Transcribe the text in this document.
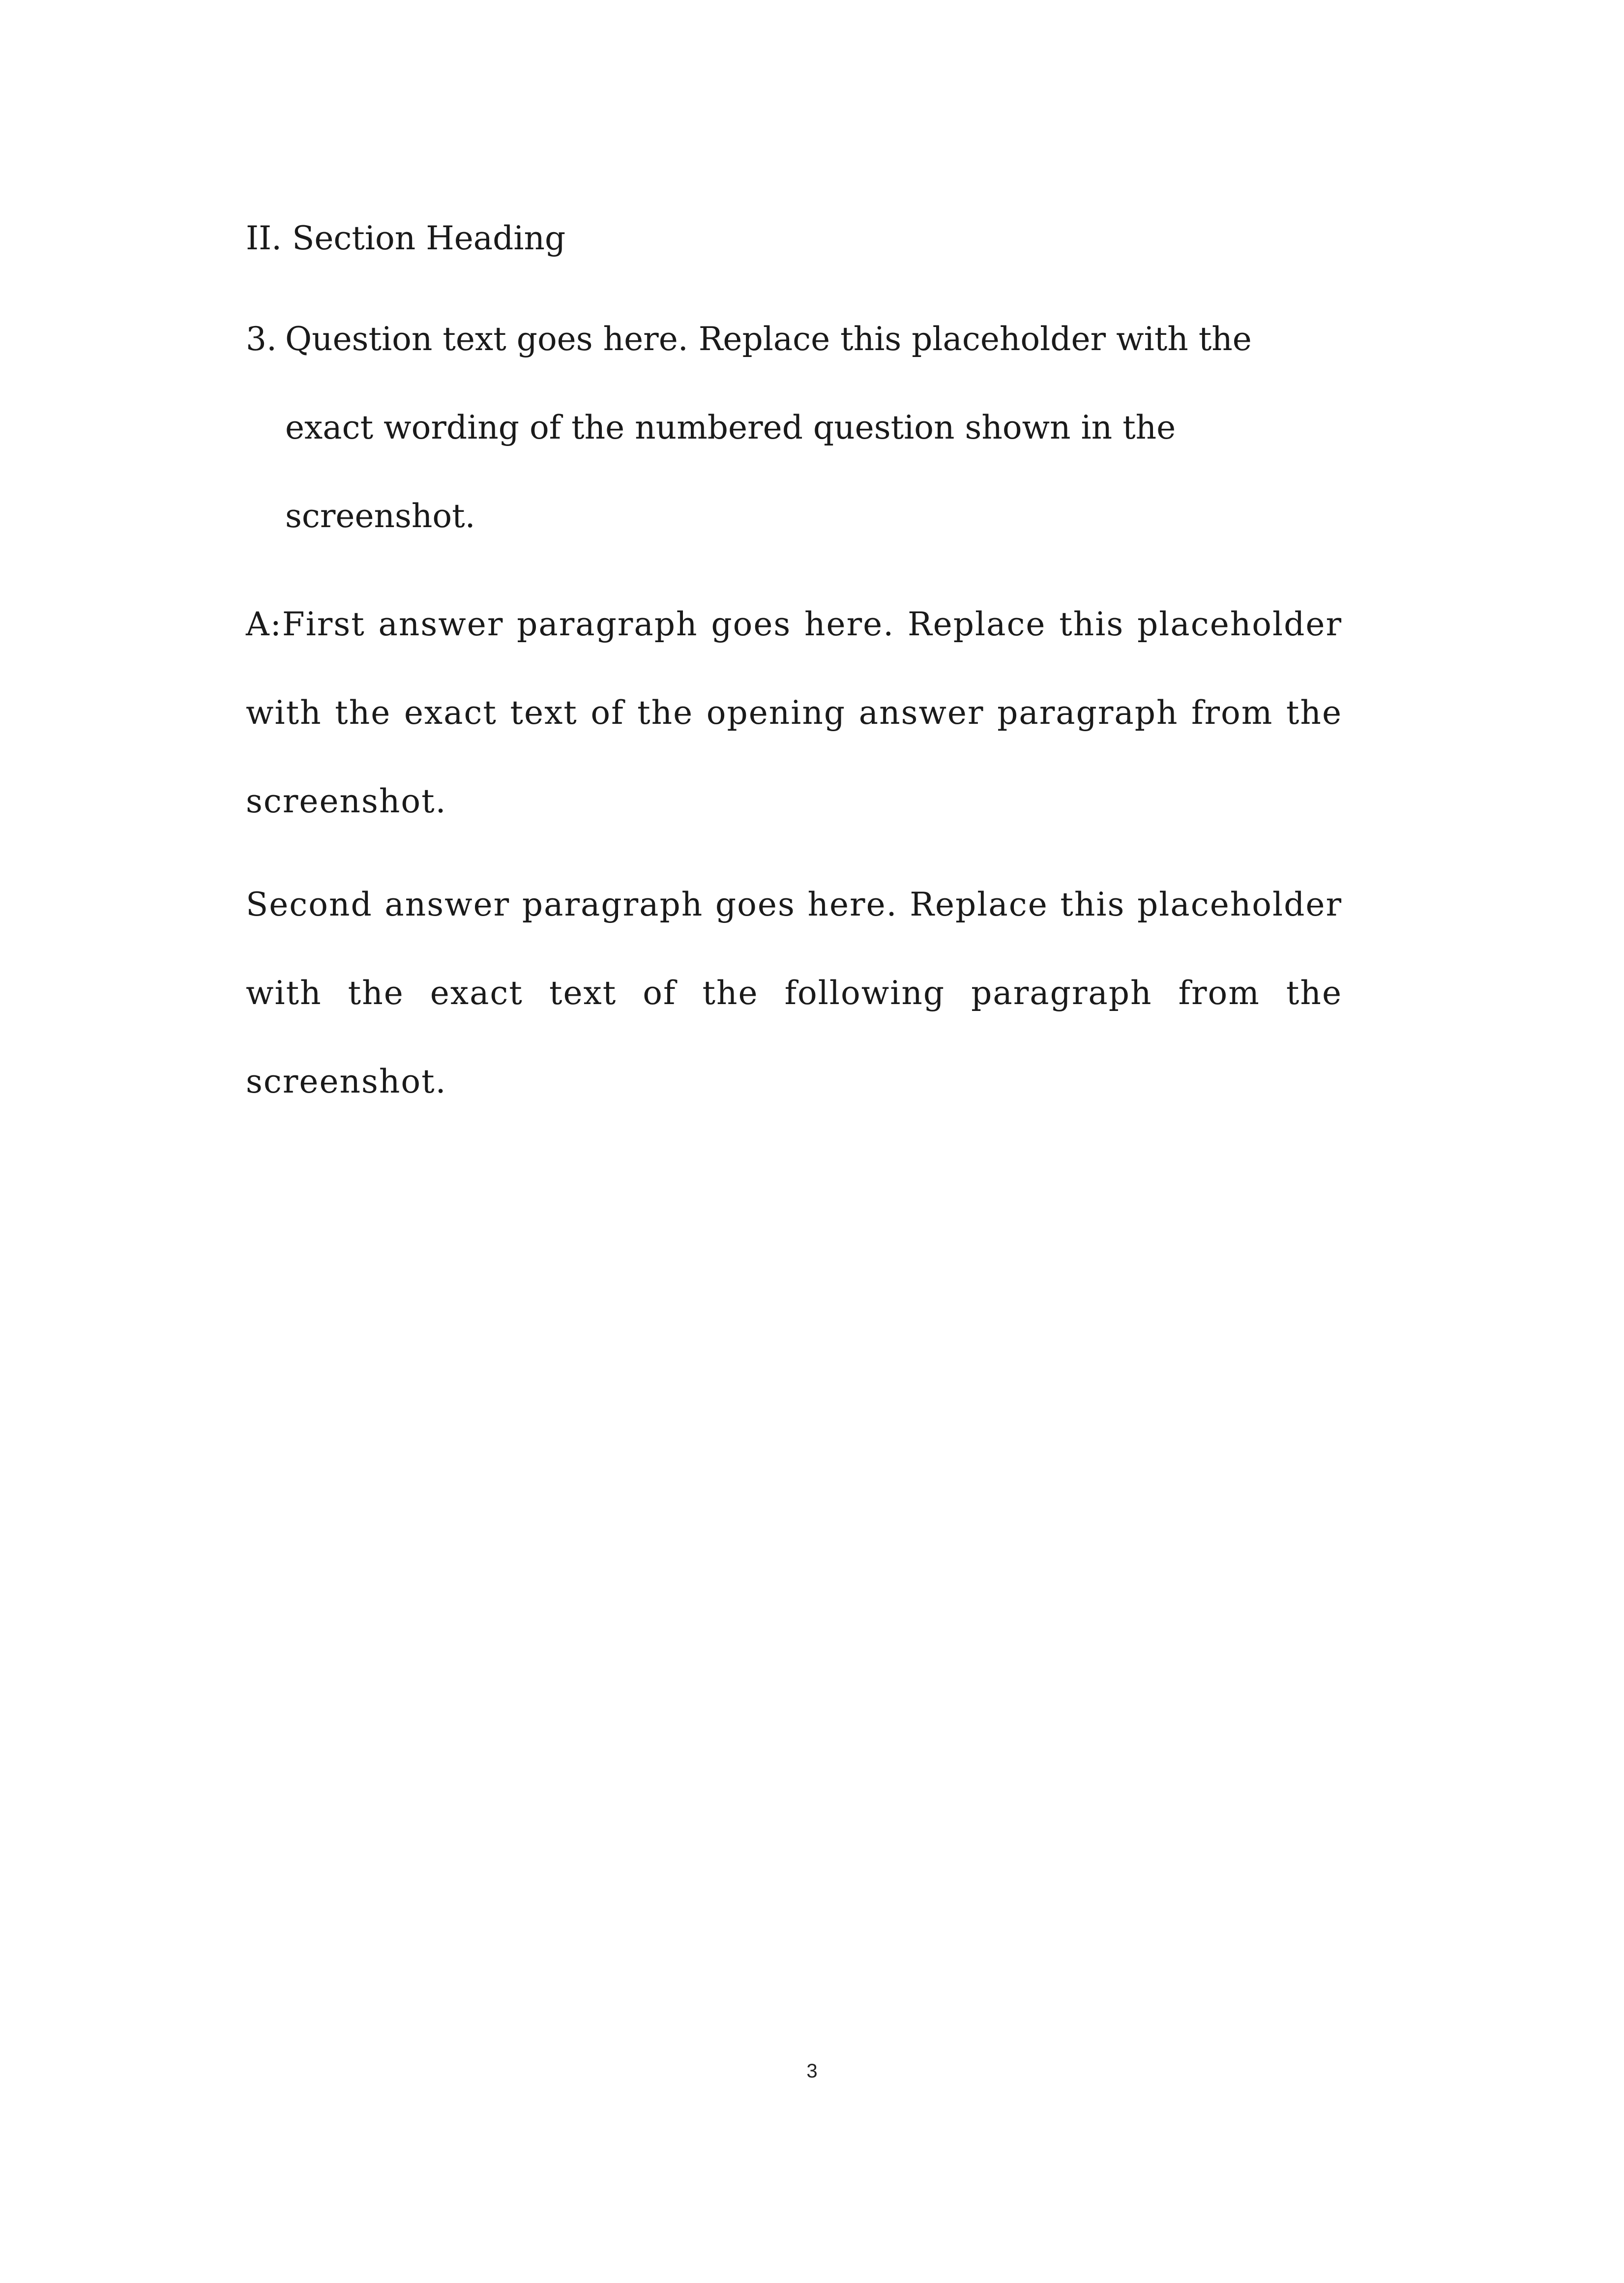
II. Section Heading

3. Question text goes here. Replace this placeholder with the exact wording of the numbered question shown in the screenshot.

A:First answer paragraph goes here. Replace this placeholder with the exact text of the opening answer paragraph from the screenshot.

Second answer paragraph goes here. Replace this placeholder with the exact text of the following paragraph from the screenshot.

3
